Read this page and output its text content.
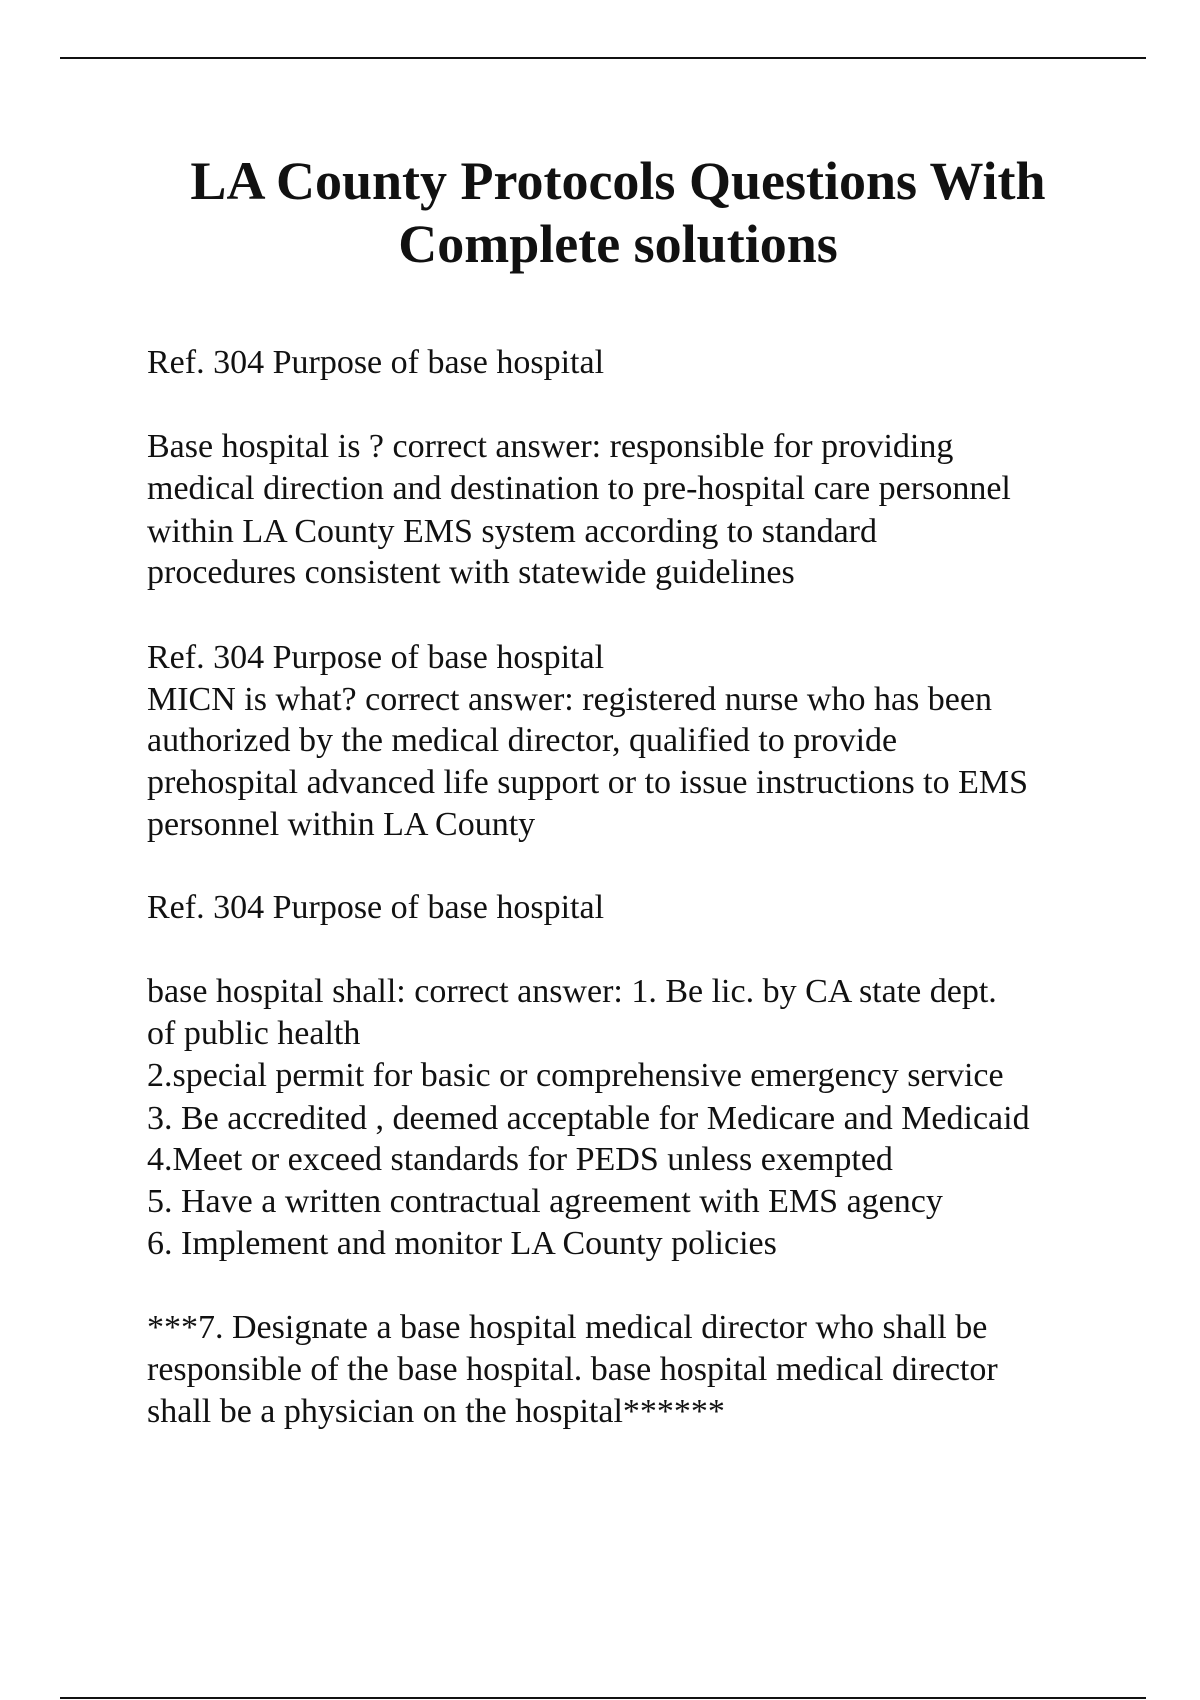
LA County Protocols Questions With
Complete solutions
Ref. 304 Purpose of base hospital
Base hospital is ? correct answer: responsible for providing
medical direction and destination to pre-hospital care personnel
within LA County EMS system according to standard
procedures consistent with statewide guidelines
Ref. 304 Purpose of base hospital
MICN is what? correct answer: registered nurse who has been
authorized by the medical director, qualified to provide
prehospital advanced life support or to issue instructions to EMS
personnel within LA County
Ref. 304 Purpose of base hospital
base hospital shall: correct answer: 1. Be lic. by CA state dept.
of public health
2.special permit for basic or comprehensive emergency service
3. Be accredited , deemed acceptable for Medicare and Medicaid
4.Meet or exceed standards for PEDS unless exempted
5. Have a written contractual agreement with EMS agency
6. Implement and monitor LA County policies
***7. Designate a base hospital medical director who shall be
responsible of the base hospital. base hospital medical director
shall be a physician on the hospital******
